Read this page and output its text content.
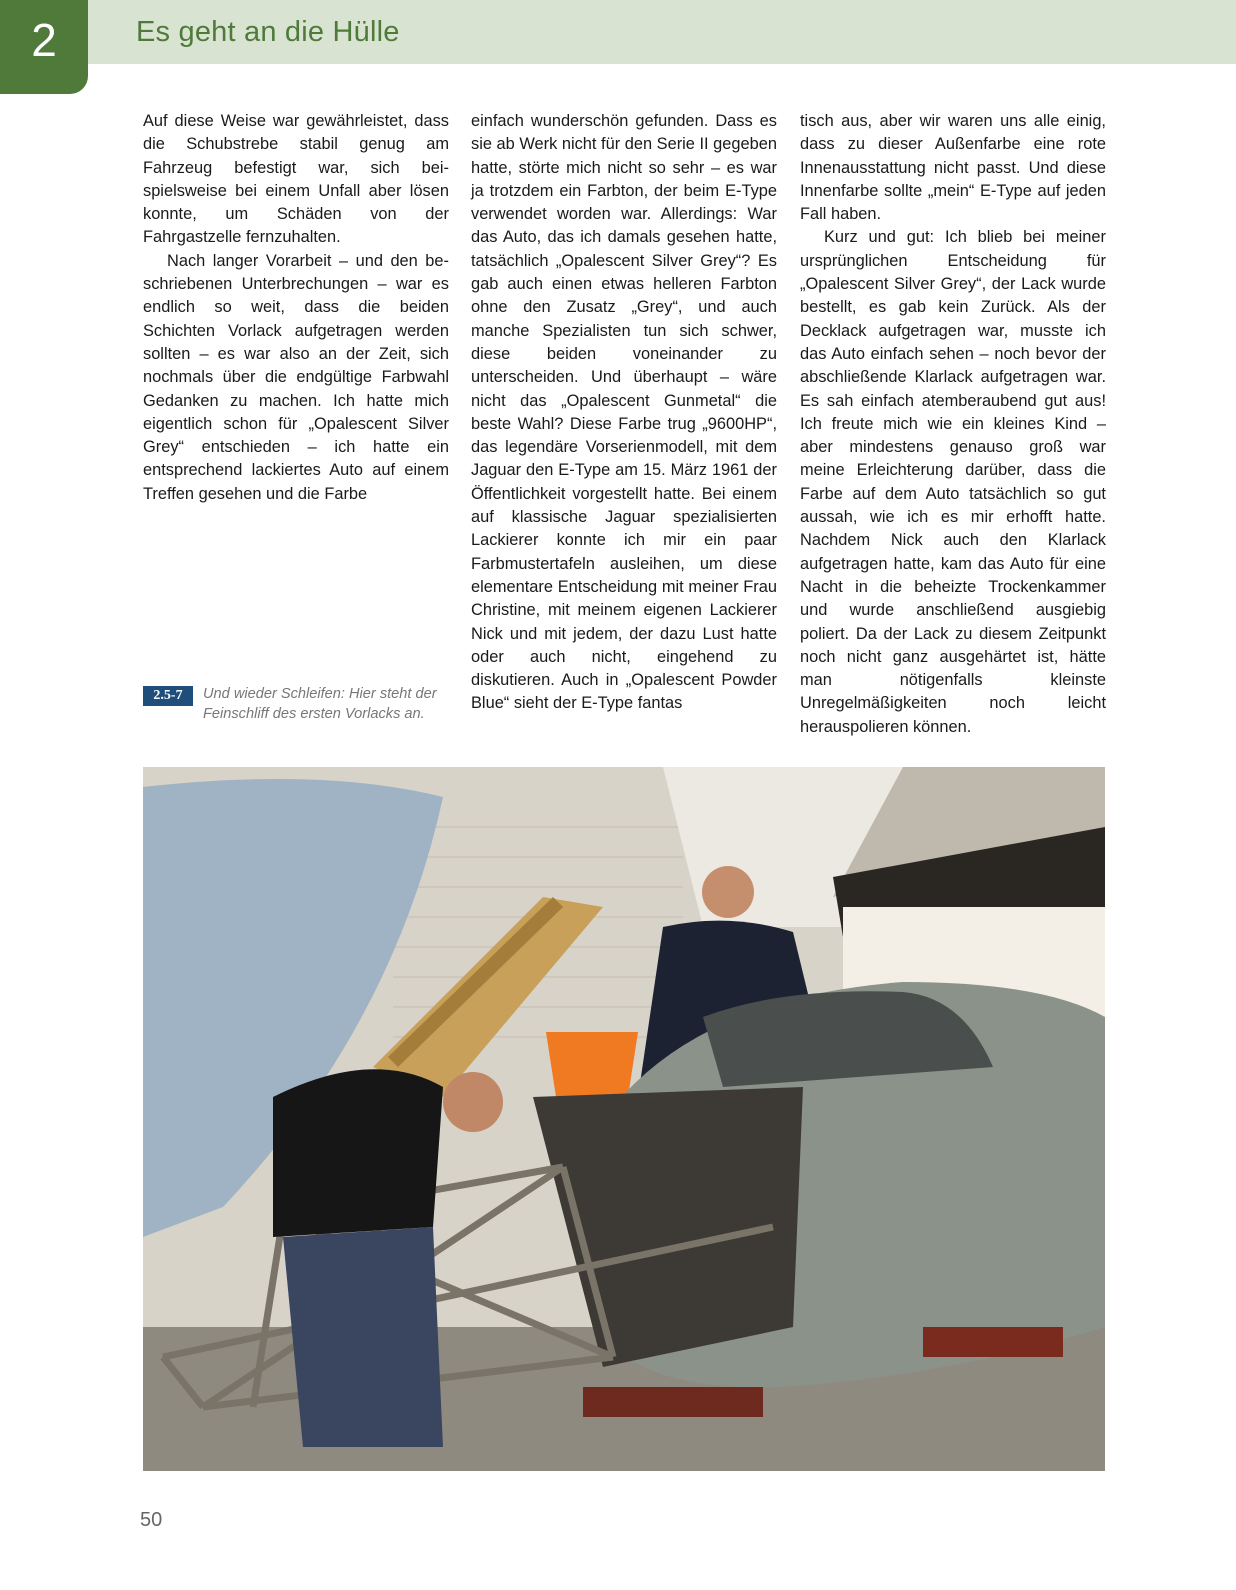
2	Es geht an die Hülle

Auf diese Weise war gewährleistet, dass die Schubstrebe stabil genug am Fahrzeug befestigt war, sich beispielsweise bei einem Unfall aber lösen konnte, um Schäden von der Fahrgastzelle fernzuhalten.

Nach langer Vorarbeit – und den beschriebenen Unterbrechungen – war es endlich so weit, dass die beiden Schichten Vorlack aufgetragen werden sollten – es war also an der Zeit, sich nochmals über die endgültige Farbwahl Gedanken zu machen. Ich hatte mich eigentlich schon für „Opalescent Silver Grey“ entschieden – ich hatte ein entsprechend lackiertes Auto auf einem Treffen gesehen und die Farbe

einfach wunderschön gefunden. Dass es sie ab Werk nicht für den Serie II gegeben hatte, störte mich nicht so sehr – es war ja trotzdem ein Farbton, der beim E-Type verwendet worden war. Allerdings: War das Auto, das ich damals gesehen hatte, tatsächlich „Opalescent Silver Grey“? Es gab auch einen etwas helleren Farbton ohne den Zusatz „Grey“, und auch manche Spezialisten tun sich schwer, diese beiden voneinander zu unterscheiden. Und überhaupt – wäre nicht das „Opalescent Gunmetal“ die beste Wahl? Diese Farbe trug „9600HP“, das legendäre Vorserienmodell, mit dem Jaguar den E-Type am 15. März 1961 der Öffentlichkeit vorgestellt hatte. Bei einem auf klassische Jaguar spezialisierten Lackierer konnte ich mir ein paar Farbmustertafeln ausleihen, um diese elementare Entscheidung mit meiner Frau Christine, mit meinem eigenen Lackierer Nick und mit jedem, der dazu Lust hatte oder auch nicht, eingehend zu diskutieren. Auch in „Opalescent Powder Blue“ sieht der E-Type fantas

tisch aus, aber wir waren uns alle einig, dass zu dieser Außenfarbe eine rote Innenausstattung nicht passt. Und diese Innenfarbe sollte „mein“ E-Type auf jeden Fall haben.

Kurz und gut: Ich blieb bei meiner ursprünglichen Entscheidung für „Opalescent Silver Grey“, der Lack wurde bestellt, es gab kein Zurück. Als der Decklack aufgetragen war, musste ich das Auto einfach sehen – noch bevor der abschließende Klarlack aufgetragen war. Es sah einfach atemberaubend gut aus! Ich freute mich wie ein kleines Kind – aber mindestens genauso groß war meine Erleichterung darüber, dass die Farbe auf dem Auto tatsächlich so gut aussah, wie ich es mir erhofft hatte. Nachdem Nick auch den Klarlack aufgetragen hatte, kam das Auto für eine Nacht in die beheizte Trockenkammer und wurde anschließend ausgiebig poliert. Da der Lack zu diesem Zeitpunkt noch nicht ganz ausgehärtet ist, hätte man nötigenfalls kleinste Unregelmäßigkeiten noch leicht herauspolieren können.

2.5-7	Und wieder Schleifen: Hier steht der Feinschliff des ersten Vorlacks an.
50
